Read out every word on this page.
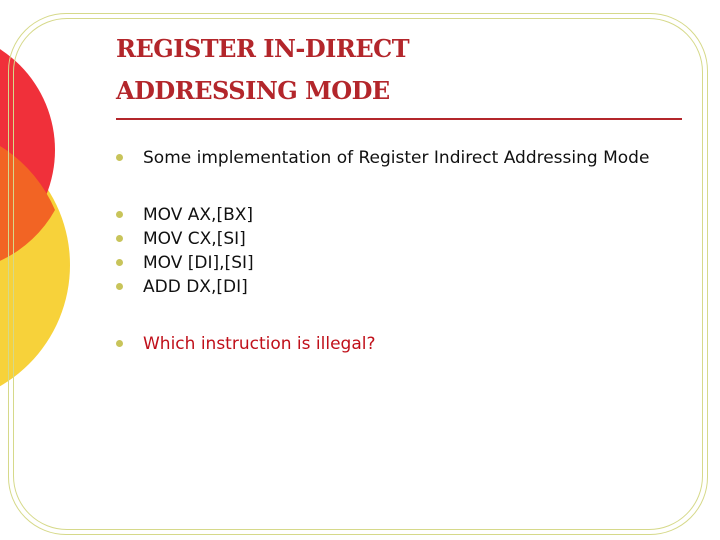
REGISTER IN-DIRECT
ADDRESSING MODE
Some implementation of Register Indirect Addressing Mode
MOV AX,[BX]
MOV CX,[SI]
MOV [DI],[SI]
ADD DX,[DI]
Which instruction is illegal?
